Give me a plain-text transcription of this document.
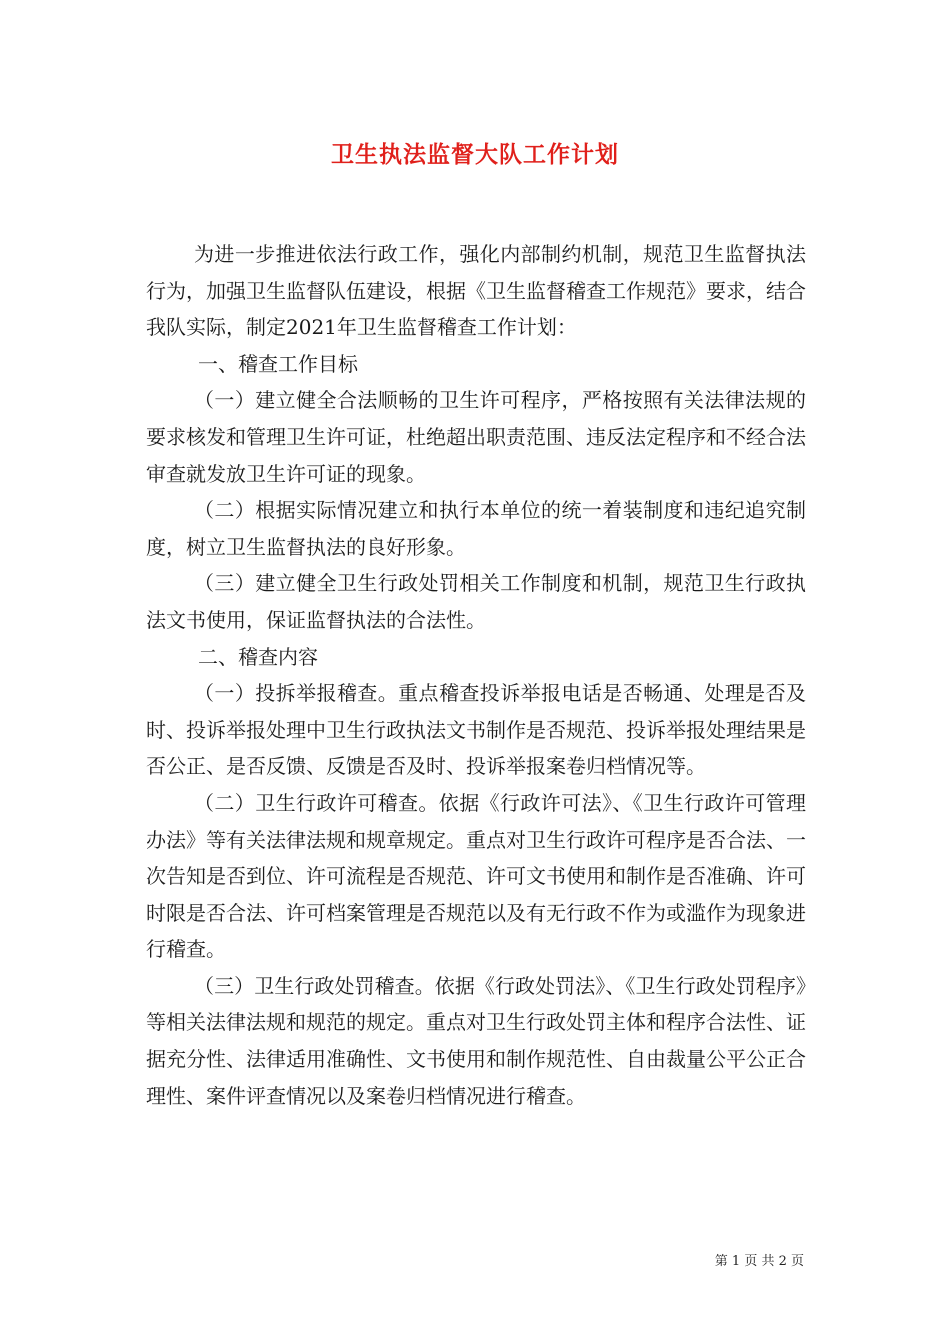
卫生执法监督大队工作计划

为进一步推进依法行政工作，强化内部制约机制，规范卫生监督执法行为，加强卫生监督队伍建设，根据《卫生监督稽查工作规范》要求，结合我队实际，制定2021年卫生监督稽查工作计划：

一、稽查工作目标

（一）建立健全合法顺畅的卫生许可程序，严格按照有关法律法规的要求核发和管理卫生许可证，杜绝超出职责范围、违反法定程序和不经合法审查就发放卫生许可证的现象。

（二）根据实际情况建立和执行本单位的统一着装制度和违纪追究制度，树立卫生监督执法的良好形象。

（三）建立健全卫生行政处罚相关工作制度和机制，规范卫生行政执法文书使用，保证监督执法的合法性。

二、稽查内容

（一）投拆举报稽查。重点稽查投诉举报电话是否畅通、处理是否及时、投诉举报处理中卫生行政执法文书制作是否规范、投诉举报处理结果是否公正、是否反馈、反馈是否及时、投诉举报案卷归档情况等。

（二）卫生行政许可稽查。依据《行政许可法》、《卫生行政许可管理办法》等有关法律法规和规章规定。重点对卫生行政许可程序是否合法、一次告知是否到位、许可流程是否规范、许可文书使用和制作是否准确、许可时限是否合法、许可档案管理是否规范以及有无行政不作为或滥作为现象进行稽查。

（三）卫生行政处罚稽查。依据《行政处罚法》、《卫生行政处罚程序》等相关法律法规和规范的规定。重点对卫生行政处罚主体和程序合法性、证据充分性、法律适用准确性、文书使用和制作规范性、自由裁量公平公正合理性、案件评查情况以及案卷归档情况进行稽查。

第 1 页 共 2 页
